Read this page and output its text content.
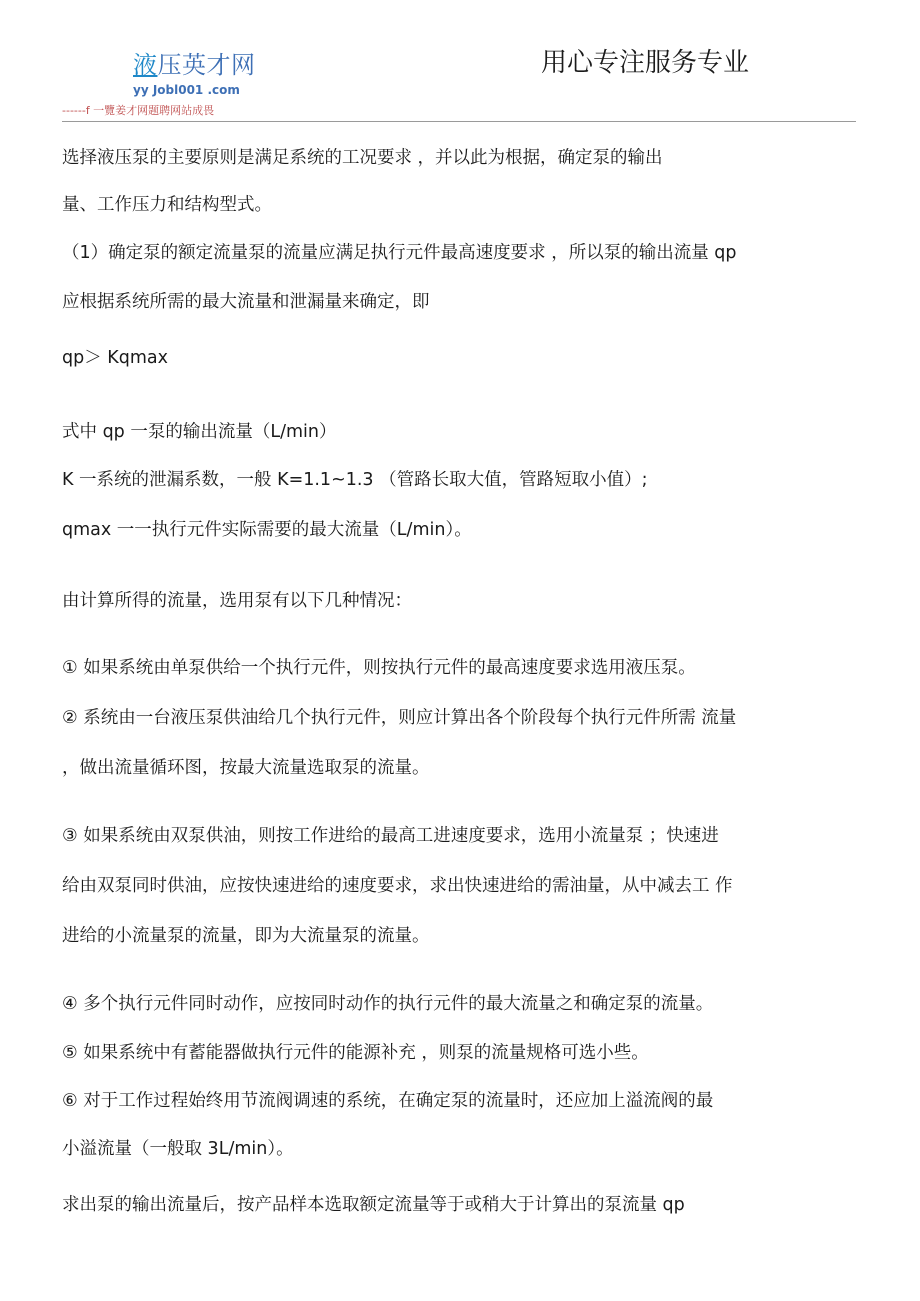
液压英才网
yy Jobl001 .com
------f 一覽姜才网题聘网站成畏
用心专注服务专业
选择液压泵的主要原则是满足系统的工况要求 ，并以此为根据，确定泵的输出
量、工作压力和结构型式。
（1）确定泵的额定流量泵的流量应满足执行元件最高速度要求 ，所以泵的输出流量 qp
应根据系统所需的最大流量和泄漏量来确定，即
qp＞ Kqmax
式中 qp 一泵的输出流量（L/min）
K 一系统的泄漏系数，一般 K=1.1~1.3 （管路长取大值，管路短取小值）;
qmax 一一执行元件实际需要的最大流量（L/min）。
由计算所得的流量，选用泵有以下几种情况：
① 如果系统由单泵供给一个执行元件，则按执行元件的最高速度要求选用液压泵。
② 系统由一台液压泵供油给几个执行元件，则应计算出各个阶段每个执行元件所需 流量
，做出流量循环图，按最大流量选取泵的流量。
③ 如果系统由双泵供油，则按工作进给的最高工进速度要求，选用小流量泵 ；快速进
给由双泵同时供油，应按快速进给的速度要求，求出快速进给的需油量，从中减去工 作
进给的小流量泵的流量，即为大流量泵的流量。
④ 多个执行元件同时动作，应按同时动作的执行元件的最大流量之和确定泵的流量。
⑤ 如果系统中有蓄能器做执行元件的能源补充 ，则泵的流量规格可选小些。
⑥ 对于工作过程始终用节流阀调速的系统，在确定泵的流量时，还应加上溢流阀的最
小溢流量（一般取 3L/min）。
求出泵的输出流量后，按产品样本选取额定流量等于或稍大于计算出的泵流量 qp
